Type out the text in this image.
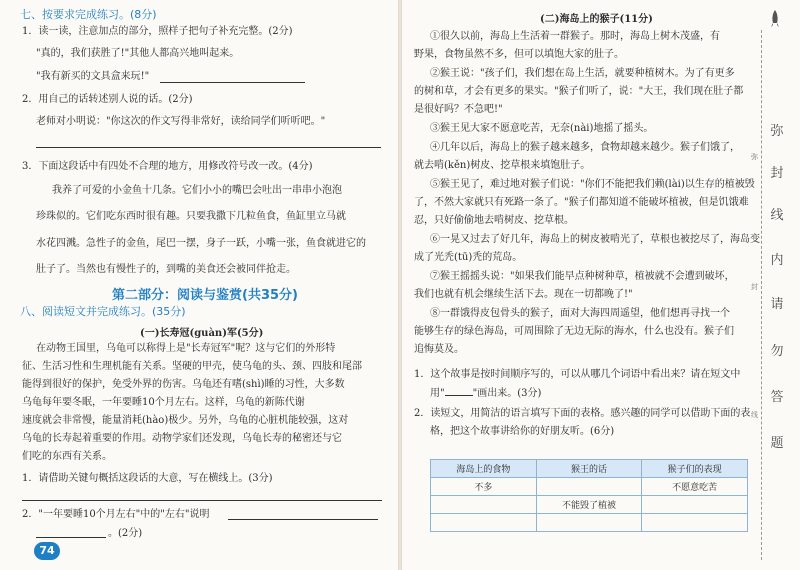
七、按要求完成练习。(8分)
1．读一读，注意加点的部分，照样子把句子补充完整。(2分)
"真的，我们获胜了!"其他人都高兴地叫起来。
"我有新买的文具盒来玩!"
2．用自己的话转述别人说的话。(2分)
老师对小明说："你这次的作文写得非常好，读给同学们听听吧。"
3．下面这段话中有四处不合理的地方，用修改符号改一改。(4分)
我养了可爱的小金鱼十几条。它们小小的嘴巴会吐出一串串小泡泡
珍珠似的。它们吃东西时很有趣。只要我撒下几粒鱼食，鱼缸里立马就
水花四溅。急性子的金鱼，尾巴一摆，身子一跃，小嘴一张，鱼食就进它的
肚子了。当然也有慢性子的，到嘴的美食还会被同伴抢走。
第二部分：阅读与鉴赏(共35分)
八、阅读短文并完成练习。(35分)
(一)长寿冠(guàn)军(5分)
在动物王国里，乌龟可以称得上是"长寿冠军"呢？这与它们的外形特
征、生活习性和生理机能有关系。坚硬的甲壳，使乌龟的头、颈、四肢和尾部
能得到很好的保护，免受外界的伤害。乌龟还有嗜(shì)睡的习性，大多数
乌龟每年要冬眠，一年要睡10个月左右。这样，乌龟的新陈代谢
速度就会非常慢，能量消耗(hào)极少。另外，乌龟的心脏机能较强，这对
乌龟的长寿起着重要的作用。动物学家们还发现，乌龟长寿的秘密还与它
们吃的东西有关系。
1．请借助关键句概括这段话的大意，写在横线上。(3分)
2．"一年要睡10个月左右"中的"左右"说明
。(2分)
74
(二)海岛上的猴子(11分)
①很久以前，海岛上生活着一群猴子。那时，海岛上树木茂盛，有
野果，食物虽然不多，但可以填饱大家的肚子。
②猴王说："孩子们，我们想在岛上生活，就要种植树木。为了有更多
的树和草，才会有更多的果实。"猴子们听了，说："大王，我们现在肚子都
是很好吗？不急吧!"
③猴王见大家不愿意吃苦，无奈(nài)地摇了摇头。
④几年以后，海岛上的猴子越来越多，食物却越来越少。猴子们饿了，
就去啃(kěn)树皮、挖草根来填饱肚子。
⑤猴王见了，难过地对猴子们说："你们不能把我们赖(lài)以生存的植被毁
了，不然大家就只有死路一条了。"猴子们都知道不能破坏植被，但是饥饿难
忍，只好偷偷地去啃树皮、挖草根。
⑥一晃又过去了好几年，海岛上的树皮被啃光了，草根也被挖尽了，海岛变
成了光秃(tū)秃的荒岛。
⑦猴王摇摇头说："如果我们能早点种树种草，植被就不会遭到破坏，
我们也就有机会继续生活下去。现在一切都晚了!"
⑧一群饿得皮包骨头的猴子，面对大海四周遥望，他们想再寻找一个
能够生存的绿色海岛，可周围除了无边无际的海水，什么也没有。猴子们
追悔莫及。
1．这个故事是按时间顺序写的，可以从哪几个词语中看出来？请在短文中
用"	"画出来。(3分)
2．读短文，用简洁的语言填写下面的表格。感兴趣的同学可以借助下面的表
格，把这个故事讲给你的好朋友听。(6分)
海岛上的食物	猴王的话	猴子们的表现
不多		不愿意吃苦
	不能毁了植被	

弥
封
线
内
请
勿
答
题
弥
封
线
